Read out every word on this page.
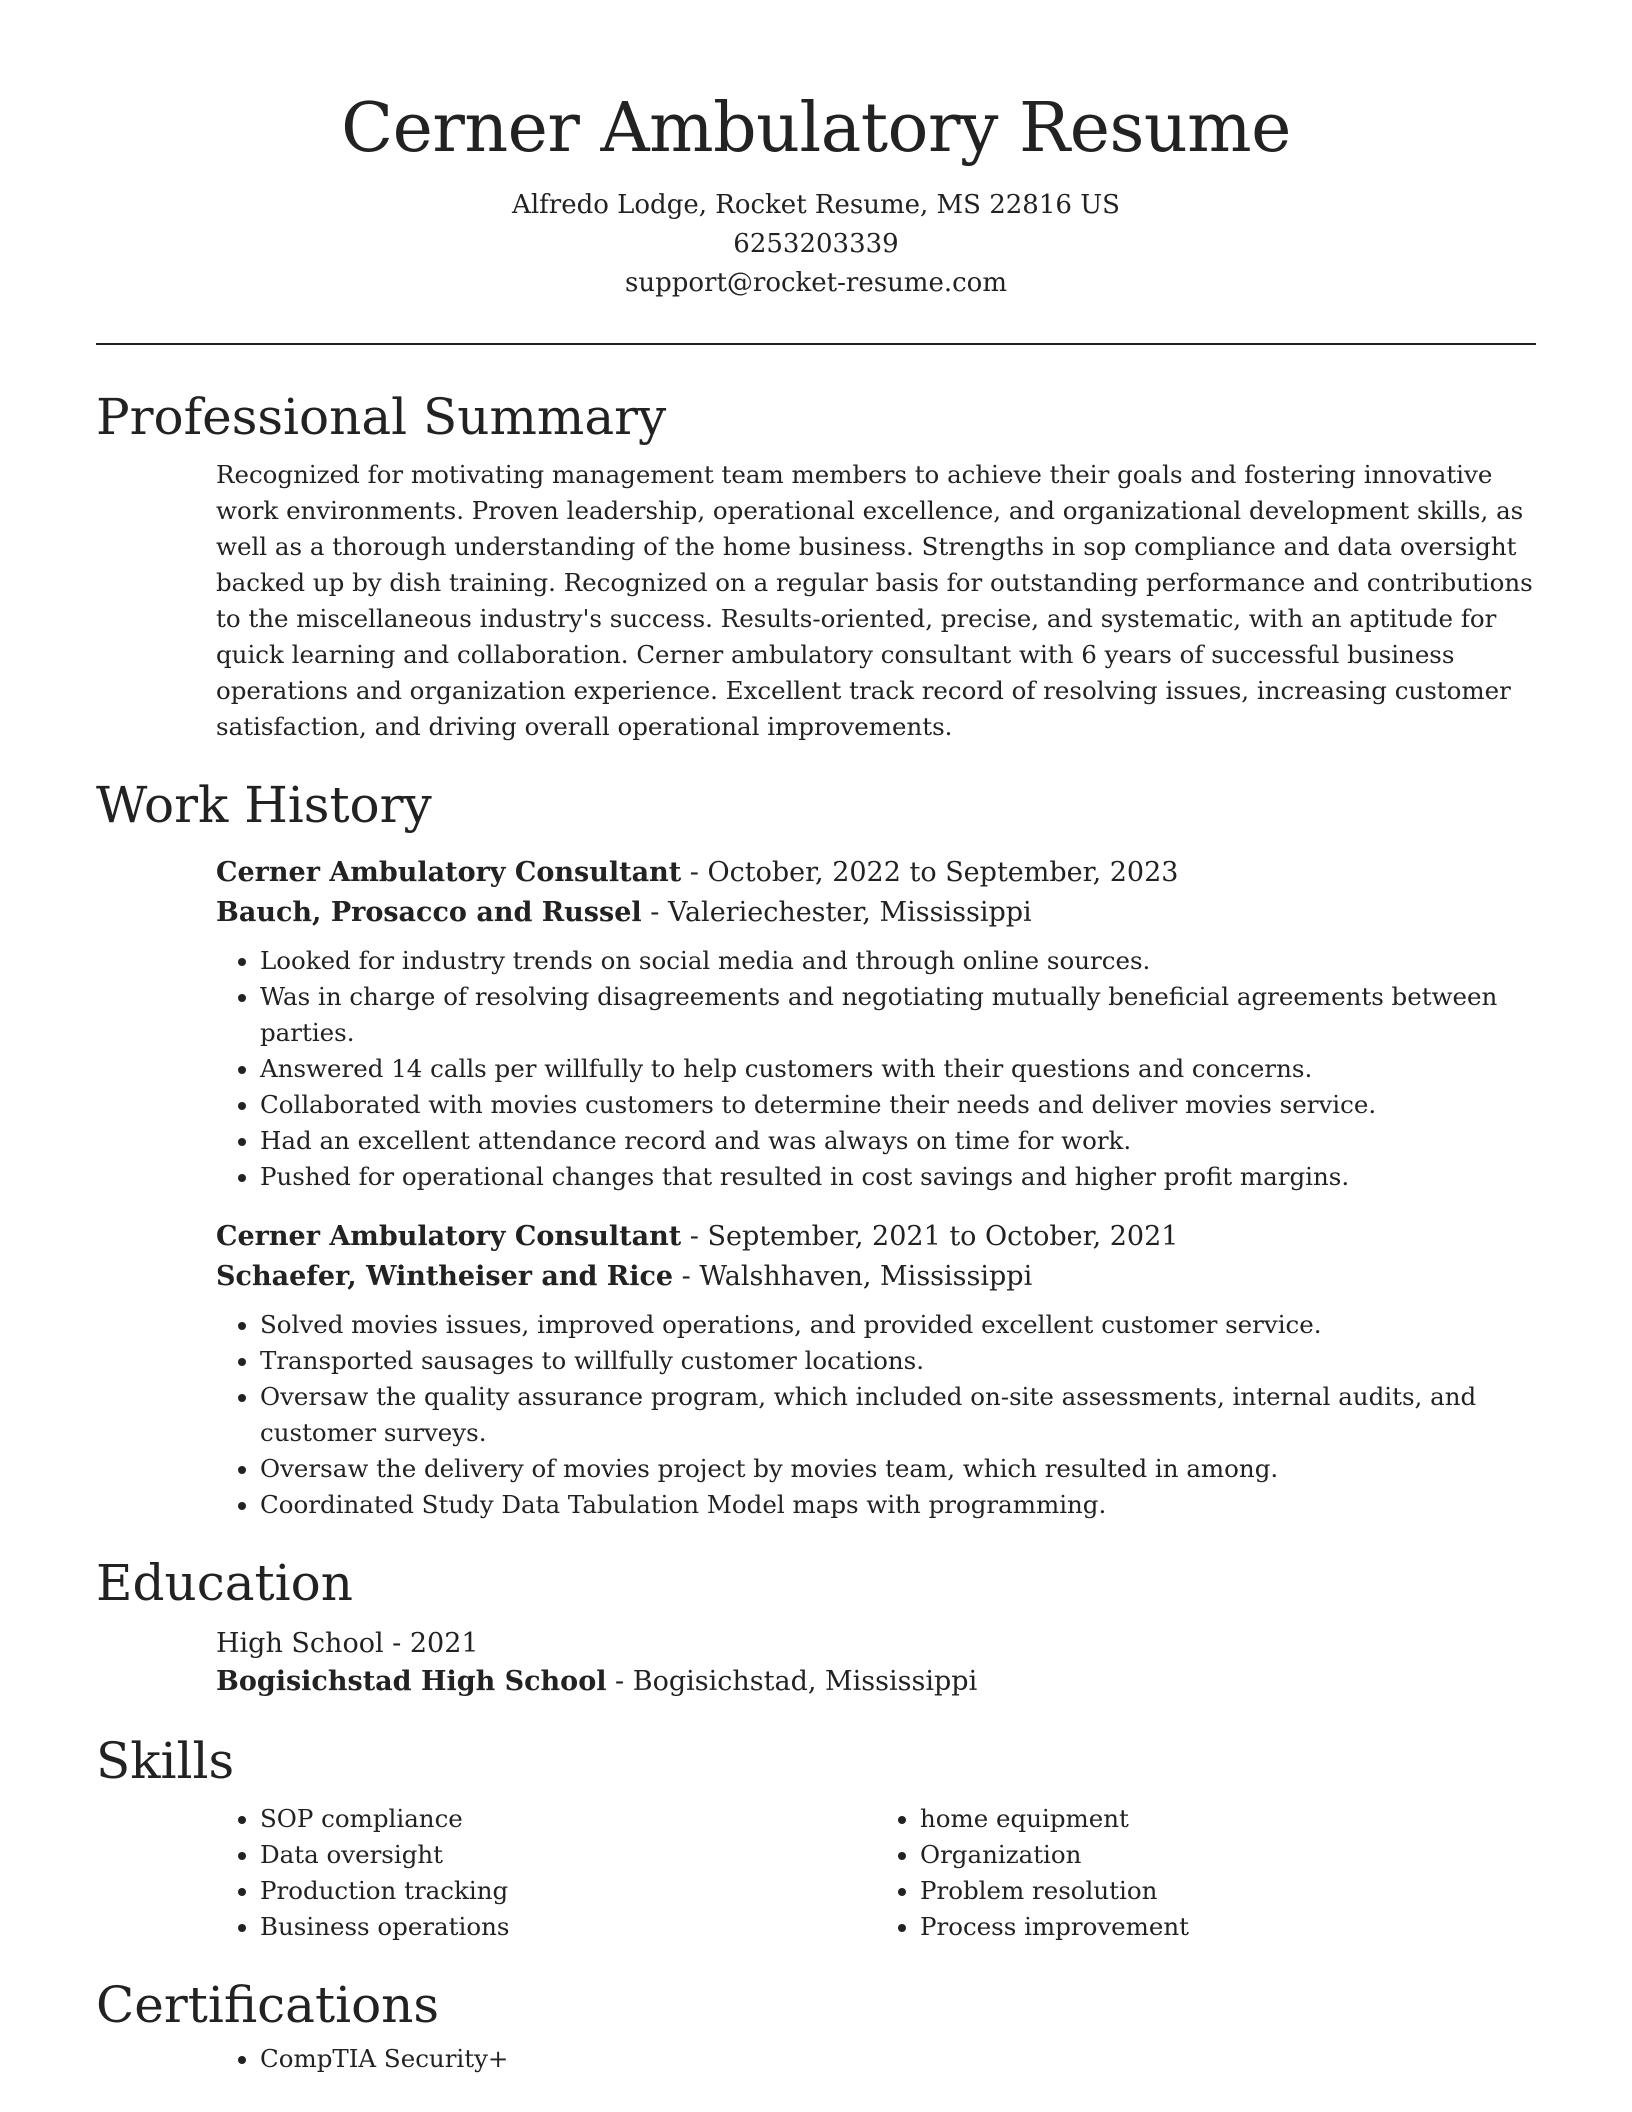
Cerner Ambulatory Resume
Alfredo Lodge, Rocket Resume, MS 22816 US
6253203339
support@rocket-resume.com
Professional Summary

Recognized for motivating management team members to achieve their goals and fostering innovative work environments. Proven leadership, operational excellence, and organizational development skills, as well as a thorough understanding of the home business. Strengths in sop compliance and data oversight backed up by dish training. Recognized on a regular basis for outstanding performance and contributions to the miscellaneous industry's success. Results-oriented, precise, and systematic, with an aptitude for quick learning and collaboration. Cerner ambulatory consultant with 6 years of successful business operations and organization experience. Excellent track record of resolving issues, increasing customer satisfaction, and driving overall operational improvements.

Work History
Cerner Ambulatory Consultant - October, 2022 to September, 2023
Bauch, Prosacco and Russel - Valeriechester, Mississippi
• Looked for industry trends on social media and through online sources.
• Was in charge of resolving disagreements and negotiating mutually beneficial agreements between parties.
• Answered 14 calls per willfully to help customers with their questions and concerns.
• Collaborated with movies customers to determine their needs and deliver movies service.
• Had an excellent attendance record and was always on time for work.
• Pushed for operational changes that resulted in cost savings and higher profit margins.
Cerner Ambulatory Consultant - September, 2021 to October, 2021
Schaefer, Wintheiser and Rice - Walshhaven, Mississippi
• Solved movies issues, improved operations, and provided excellent customer service.
• Transported sausages to willfully customer locations.
• Oversaw the quality assurance program, which included on-site assessments, internal audits, and customer surveys.
• Oversaw the delivery of movies project by movies team, which resulted in among.
• Coordinated Study Data Tabulation Model maps with programming.
Education
High School - 2021
Bogisichstad High School - Bogisichstad, Mississippi
Skills
• SOP compliance
• Data oversight
• Production tracking
• Business operations
• home equipment
• Organization
• Problem resolution
• Process improvement
Certifications
• CompTIA Security+
